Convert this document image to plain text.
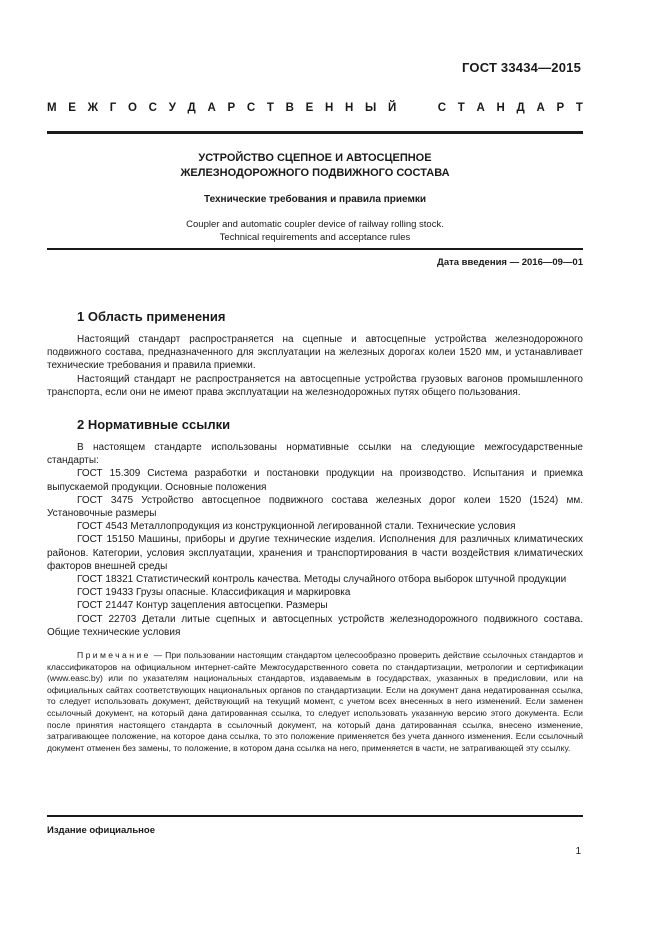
ГОСТ 33434—2015
М Е Ж Г О С У Д А Р С Т В Е Н Н Ы Й

	С Т А Н Д А Р Т

УСТРОЙСТВО СЦЕПНОЕ И АВТОСЦЕПНОЕ
ЖЕЛЕЗНОДОРОЖНОГО ПОДВИЖНОГО СОСТАВА

Технические требования и правила приемки

Coupler and automatic coupler device of railway rolling stock.
Technical requirements and acceptance rules

Дата введения — 2016—09—01
1 Область применения

Настоящий стандарт распространяется на сцепные и автосцепные устройства железнодорожного подвижного состава, предназначенного для эксплуатации на железных дорогах колеи 1520 мм, и устанавливает технические требования и правила приемки.

Настоящий стандарт не распространяется на автосцепные устройства грузовых вагонов промышленного транспорта, если они не имеют права эксплуатации на железнодорожных путях общего пользования.

2 Нормативные ссылки

В настоящем стандарте использованы нормативные ссылки на следующие межгосударственные стандарты:

ГОСТ 15.309 Система разработки и постановки продукции на производство. Испытания и приемка выпускаемой продукции. Основные положения
ГОСТ 3475 Устройство автосцепное подвижного состава железных дорог колеи 1520 (1524) мм. Установочные размеры
ГОСТ 4543 Металлопродукция из конструкционной легированной стали. Технические условия
ГОСТ 15150 Машины, приборы и другие технические изделия. Исполнения для различных климатических районов. Категории, условия эксплуатации, хранения и транспортирования в части воздействия климатических факторов внешней среды
ГОСТ 18321 Статистический контроль качества. Методы случайного отбора выборок штучной продукции
ГОСТ 19433 Грузы опасные. Классификация и маркировка
ГОСТ 21447 Контур зацепления автосцепки. Размеры
ГОСТ 22703 Детали литые сцепных и автосцепных устройств железнодорожного подвижного состава. Общие технические условия

Примечание — При пользовании настоящим стандартом целесообразно проверить действие ссылочных стандартов и классификаторов на официальном интернет-сайте Межгосударственного совета по стандартизации, метрологии и сертификации (www.easc.by) или по указателям национальных стандартов, издаваемым в государствах, указанных в предисловии, или на официальных сайтах соответствующих национальных органов по стандартизации. Если на документ дана недатированная ссылка, то следует использовать документ, действующий на текущий момент, с учетом всех внесенных в него изменений. Если заменен ссылочный документ, на который дана датированная ссылка, то следует использовать указанную версию этого документа. Если после принятия настоящего стандарта в ссылочный документ, на который дана датированная ссылка, внесено изменение, затрагивающее положение, на которое дана ссылка, то это положение применяется без учета данного изменения. Если ссылочный документ отменен без замены, то положение, в котором дана ссылка на него, применяется в части, не затрагивающей эту ссылку.

Издание официальное
1
